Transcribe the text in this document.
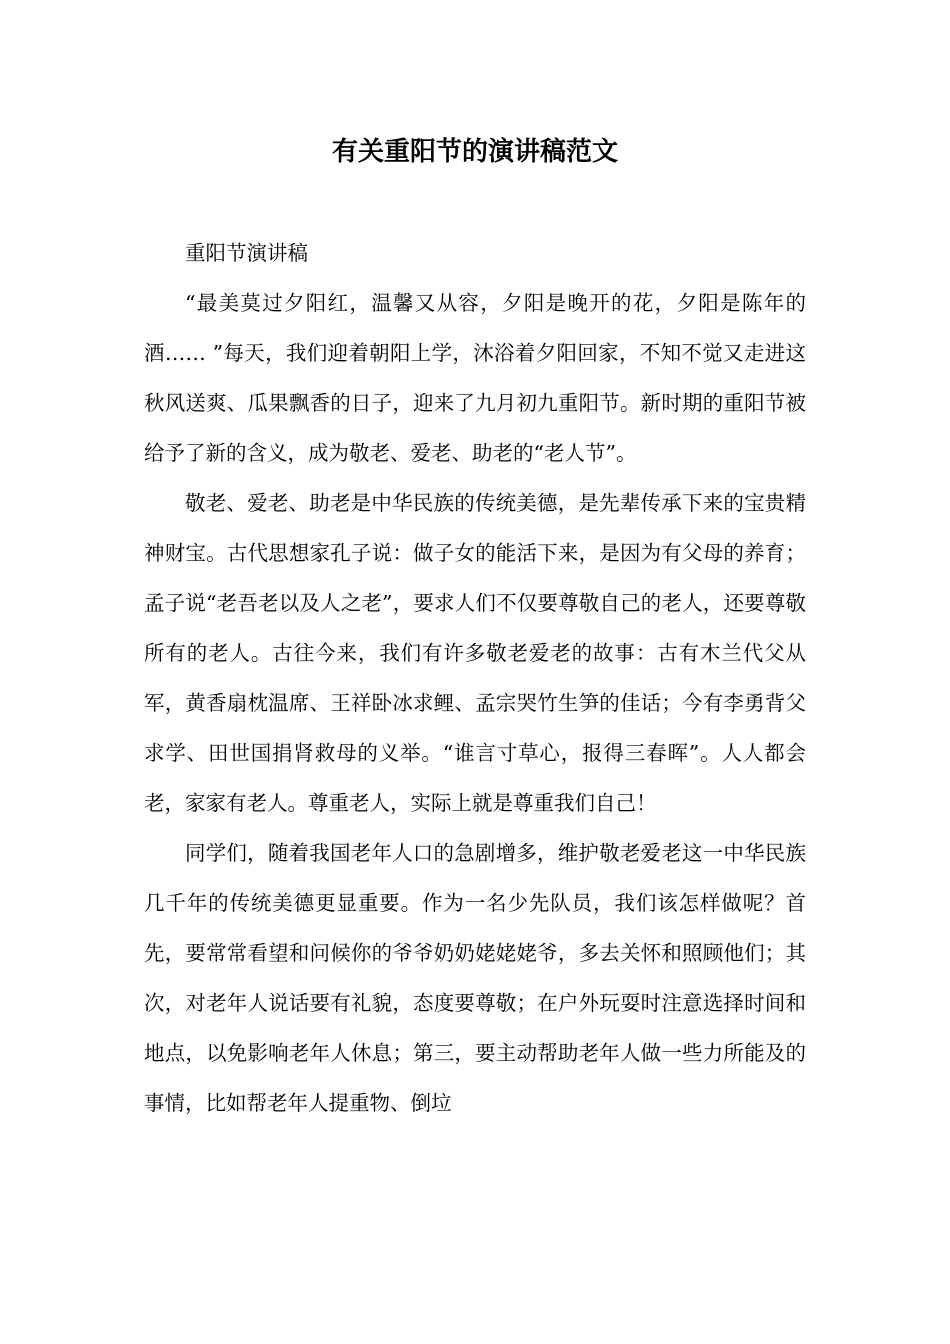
有关重阳节的演讲稿范文

重阳节演讲稿

“最美莫过夕阳红，温馨又从容，夕阳是晚开的花，夕阳是陈年的酒…… ”每天，我们迎着朝阳上学，沐浴着夕阳回家，不知不觉又走进这秋风送爽、瓜果飘香的日子，迎来了九月初九重阳节。新时期的重阳节被给予了新的含义，成为敬老、爱老、助老的“老人节”。

敬老、爱老、助老是中华民族的传统美德，是先辈传承下来的宝贵精神财宝。古代思想家孔子说：做子女的能活下来，是因为有父母的养育；孟子说“老吾老以及人之老”，要求人们不仅要尊敬自己的老人，还要尊敬所有的老人。古往今来，我们有许多敬老爱老的故事：古有木兰代父从军，黄香扇枕温席、王祥卧冰求鲤、孟宗哭竹生笋的佳话；今有李勇背父求学、田世国捐肾救母的义举。“谁言寸草心，报得三春晖”。人人都会老，家家有老人。尊重老人，实际上就是尊重我们自己！

同学们，随着我国老年人口的急剧增多，维护敬老爱老这一中华民族几千年的传统美德更显重要。作为一名少先队员，我们该怎样做呢？首先，要常常看望和问候你的爷爷奶奶姥姥姥爷，多去关怀和照顾他们；其次，对老年人说话要有礼貌，态度要尊敬；在户外玩耍时注意选择时间和地点，以免影响老年人休息；第三，要主动帮助老年人做一些力所能及的事情，比如帮老年人提重物、倒垃
